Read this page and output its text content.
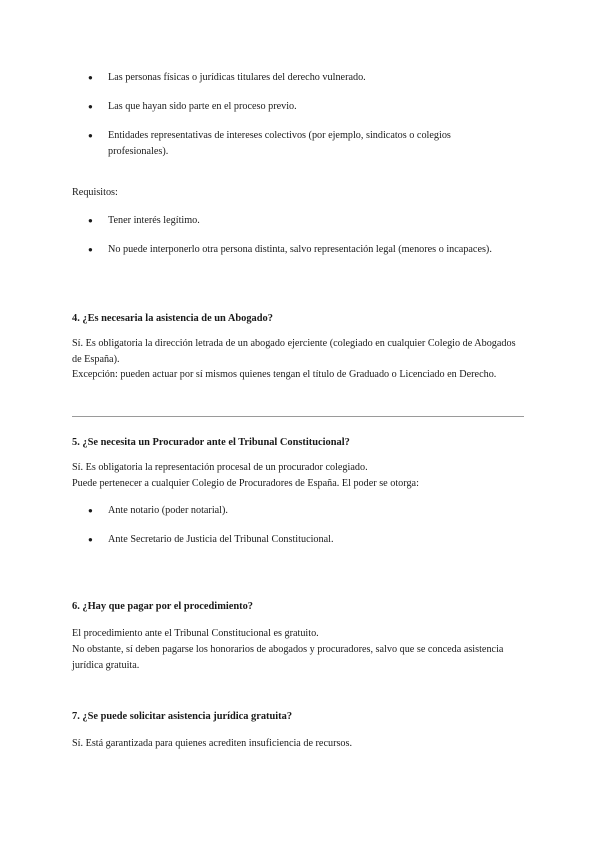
● Las personas físicas o jurídicas titulares del derecho vulnerado.
● Las que hayan sido parte en el proceso previo.
● Entidades representativas de intereses colectivos (por ejemplo, sindicatos o colegios profesionales).

Requisitos:

● Tener interés legítimo.
● No puede interponerlo otra persona distinta, salvo representación legal (menores o incapaces).

4. ¿Es necesaria la asistencia de un Abogado?

Sí. Es obligatoria la dirección letrada de un abogado ejerciente (colegiado en cualquier Colegio de Abogados de España).

Excepción: pueden actuar por sí mismos quienes tengan el título de Graduado o Licenciado en Derecho.

5. ¿Se necesita un Procurador ante el Tribunal Constitucional?

Sí. Es obligatoria la representación procesal de un procurador colegiado.

Puede pertenecer a cualquier Colegio de Procuradores de España. El poder se otorga:

● Ante notario (poder notarial).
● Ante Secretario de Justicia del Tribunal Constitucional.

6. ¿Hay que pagar por el procedimiento?

El procedimiento ante el Tribunal Constitucional es gratuito.

No obstante, sí deben pagarse los honorarios de abogados y procuradores, salvo que se conceda asistencia jurídica gratuita.

7. ¿Se puede solicitar asistencia jurídica gratuita?

Sí. Está garantizada para quienes acrediten insuficiencia de recursos.
